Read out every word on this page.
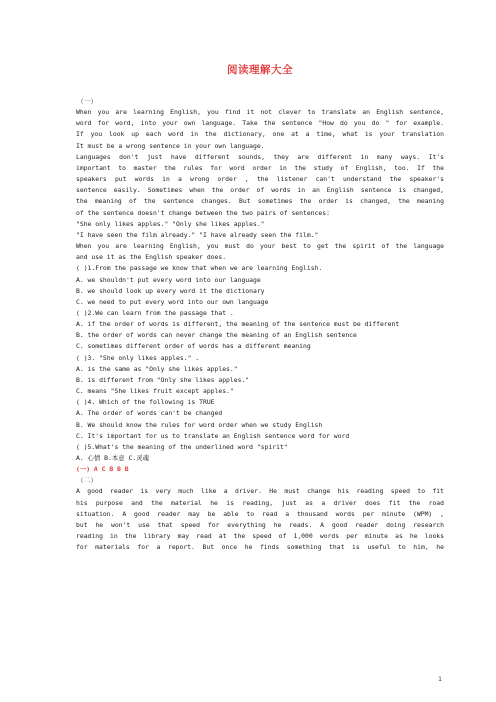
阅读理解大全
(一)
When you are learning English, you find it not clever to translate an English sentence,
word for word, into your own language. Take the sentence "How do you do " for example.
If you look up each word in the dictionary, one at a time, what is your translation
It must be a wrong sentence in your own language.
Languages don't just have different sounds, they are different in many ways. It's
important to master the rules for word order in the study of English, too. If the
speakers put words in a wrong order , the listener can't understand the speaker's
sentence easily. Sometimes when the order of words in an English sentence is changed,
the meaning of the sentence changes. But sometimes the order is changed, the meaning
of the sentence doesn't change between the two pairs of sentences:
"She only likes apples." "Only she likes apples."
"I have seen the film already." "I have already seen the film."
When you are learning English, you must do your best to get the spirit of the language
and use it as the English speaker does.
( )1.From the passage we know that when we are learning English.
A. we shouldn't put every word into our language
B. we should look up every word it the dictionary
C. we need to put every word into our own language
( )2.We can learn from the passage that .
A. if the order of words is different, the meaning of the sentence must be different
B. the order of words can never change the meaning of an English sentence
C. sometimes different order of words has a different meaning
( )3. "She only likes apples." .
A. is the same as "Only she likes apples."
B. is different from "Only she likes apples."
C. means "She likes fruit except apples."
( )4. Which of the following is TRUE
A. The order of words can't be changed
B. We should know the rules for word order when we study English
C. It's important for us to translate an English sentence word for word
( )5.What's the meaning of the underlined word "spirit"
A. 心情 B.本意 C.灵魂
(一) A C B B B
(二)
A good reader is very much like a driver. He must change his reading speed to fit
his purpose and the material he is reading, just as a driver does fit the road
situation. A good reader may be able to read a thousand words per minute (WPM) ,
but he won't use that speed for everything he reads. A good reader doing research
reading in the library may read at the speed of 1,000 words per minute as he looks
for materials for a report. But once he finds something that is useful to him, he
1
